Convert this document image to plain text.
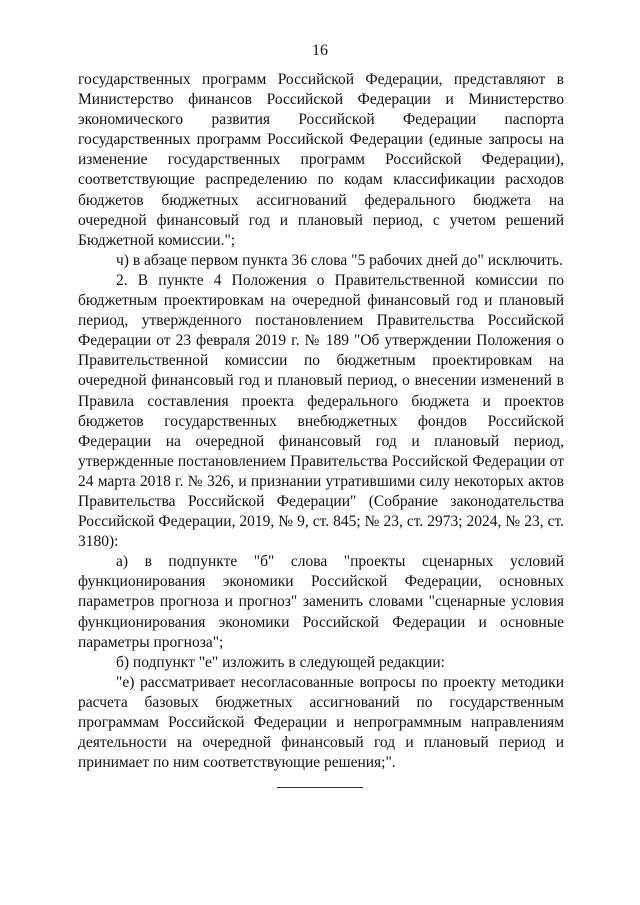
16

государственных программ Российской Федерации, представляют в Министерство финансов Российской Федерации и Министерство экономического развития Российской Федерации паспорта государственных программ Российской Федерации (единые запросы на изменение государственных программ Российской Федерации), соответствующие распределению по кодам классификации расходов бюджетов бюджетных ассигнований федерального бюджета на очередной финансовый год и плановый период, с учетом решений Бюджетной комиссии.";

ч) в абзаце первом пункта 36 слова "5 рабочих дней до" исключить.

2. В пункте 4 Положения о Правительственной комиссии по бюджетным проектировкам на очередной финансовый год и плановый период, утвержденного постановлением Правительства Российской Федерации от 23 февраля 2019 г. № 189 "Об утверждении Положения о Правительственной комиссии по бюджетным проектировкам на очередной финансовый год и плановый период, о внесении изменений в Правила составления проекта федерального бюджета и проектов бюджетов государственных внебюджетных фондов Российской Федерации на очередной финансовый год и плановый период, утвержденные постановлением Правительства Российской Федерации от 24 марта 2018 г. № 326, и признании утратившими силу некоторых актов Правительства Российской Федерации" (Собрание законодательства Российской Федерации, 2019, № 9, ст. 845; № 23, ст. 2973; 2024, № 23, ст. 3180):

а) в подпункте "б" слова "проекты сценарных условий функционирования экономики Российской Федерации, основных параметров прогноза и прогноз" заменить словами "сценарные условия функционирования экономики Российской Федерации и основные параметры прогноза";

б) подпункт "е" изложить в следующей редакции:

"е) рассматривает несогласованные вопросы по проекту методики расчета базовых бюджетных ассигнований по государственным программам Российской Федерации и непрограммным направлениям деятельности на очередной финансовый год и плановый период и принимает по ним соответствующие решения;".
